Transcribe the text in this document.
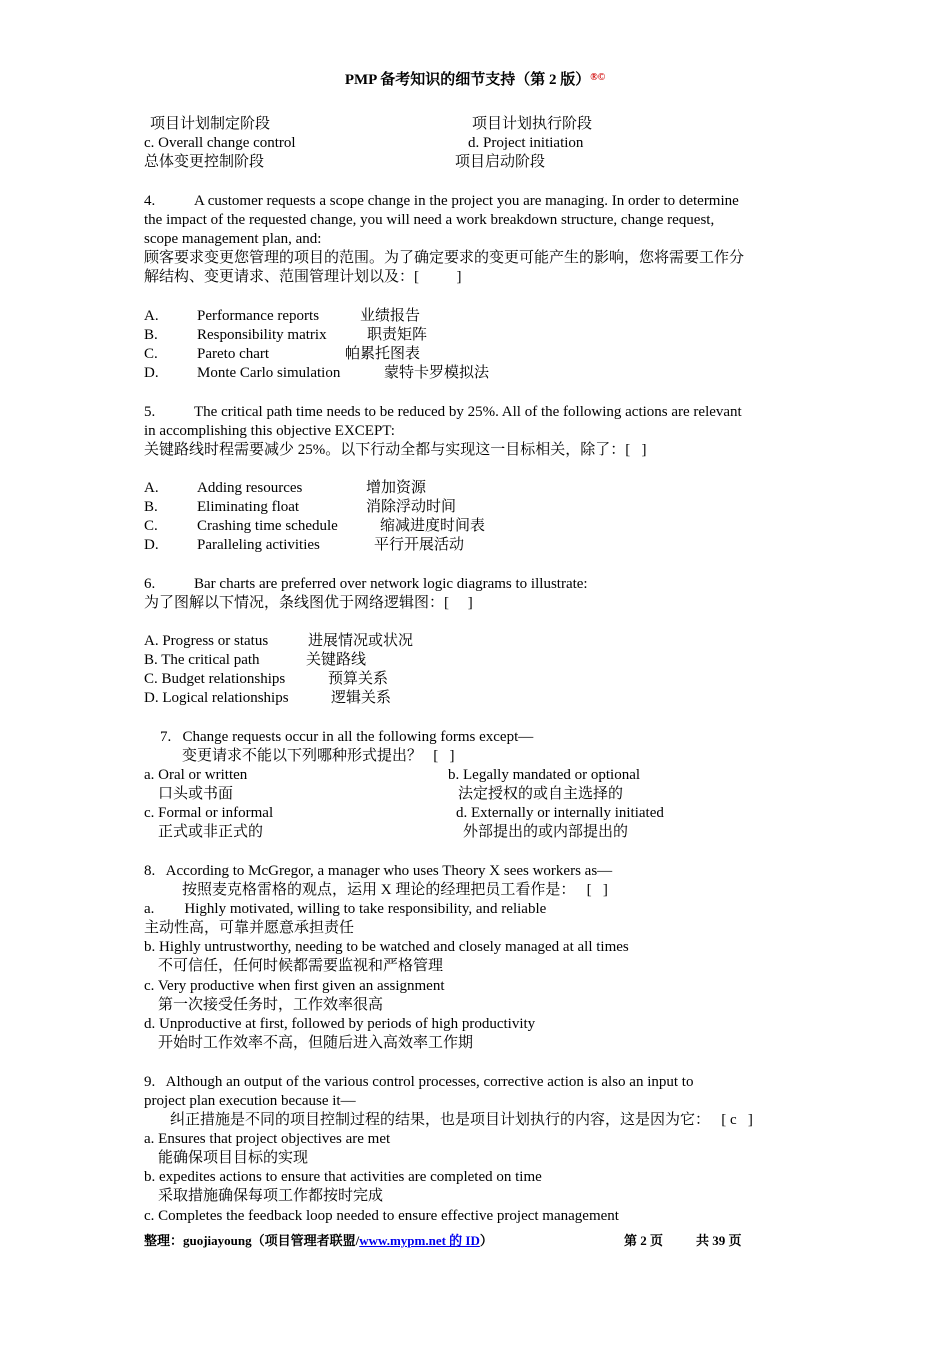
PMP 备考知识的细节支持（第 2 版）®©
项目计划制定阶段	项目计划执行阶段
c. Overall change control	d. Project initiation
总体变更控制阶段	项目启动阶段
4.	A customer requests a scope change in the project you are managing. In order to determine
the impact of the requested change, you will need a work breakdown structure, change request,
scope management plan, and:
顾客要求变更您管理的项目的范围。为了确定要求的变更可能产生的影响，您将需要工作分
解结构、变更请求、范围管理计划以及：[          ]
A.	Performance reports	业绩报告
B.	Responsibility matrix	职责矩阵
C.	Pareto chart	帕累托图表
D.	Monte Carlo simulation	蒙特卡罗模拟法
5.	The critical path time needs to be reduced by 25%. All of the following actions are relevant
in accomplishing this objective EXCEPT:
关键路线时程需要减少 25%。以下行动全都与实现这一目标相关，除了：[   ]
A.	Adding resources	增加资源
B.	Eliminating float	消除浮动时间
C.	Crashing time schedule	缩减进度时间表
D.	Paralleling activities	平行开展活动
6.	Bar charts are preferred over network logic diagrams to illustrate:
为了图解以下情况，条线图优于网络逻辑图：[     ]
A. Progress or status	进展情况或状况
B. The critical path	关键路线
C. Budget relationships	预算关系
D. Logical relationships	逻辑关系
7.   Change requests occur in all the following forms except—
变更请求不能以下列哪种形式提出？   [   ]
a. Oral or written	b. Legally mandated or optional
口头或书面	法定授权的或自主选择的
c. Formal or informal	d. Externally or internally initiated
正式或非正式的	外部提出的或内部提出的
8.   According to McGregor, a manager who uses Theory X sees workers as—
按照麦克格雷格的观点，运用 X 理论的经理把员工看作是：   [   ]
a.        Highly motivated, willing to take responsibility, and reliable
主动性高，可靠并愿意承担责任
b. Highly untrustworthy, needing to be watched and closely managed at all times
不可信任，任何时候都需要监视和严格管理
c. Very productive when first given an assignment
第一次接受任务时，工作效率很高
d. Unproductive at first, followed by periods of high productivity
开始时工作效率不高，但随后进入高效率工作期
9.   Although an output of the various control processes, corrective action is also an input to
project plan execution because it—
纠正措施是不同的项目控制过程的结果，也是项目计划执行的内容，这是因为它：   [ c   ]
a. Ensures that project objectives are met
能确保项目目标的实现
b. expedites actions to ensure that activities are completed on time
采取措施确保每项工作都按时完成
c. Completes the feedback loop needed to ensure effective project management
整理：guojiayoung（项目管理者联盟/www.mypm.net 的 ID）	第 2 页	共 39 页
